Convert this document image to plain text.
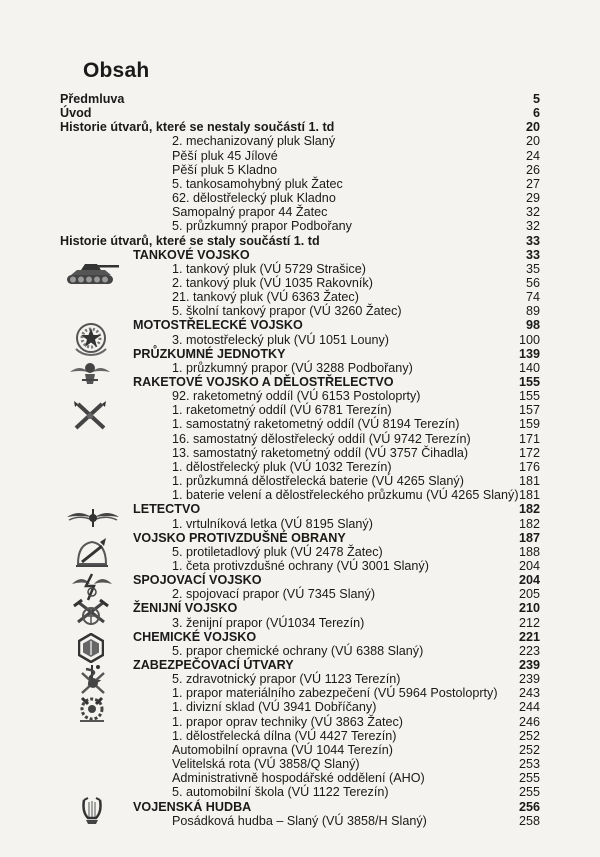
Obsah
Předmluva	5
Úvod	6
Historie útvarů, které se nestaly součástí 1. td	20
2. mechanizovaný pluk Slaný	20
Pěší pluk 45 Jílové	24
Pěší pluk 5 Kladno	26
5. tankosamohybný pluk Žatec	27
62. dělostřelecký pluk Kladno	29
Samopalný prapor 44 Žatec	32
5. průzkumný prapor Podbořany	32
Historie útvarů, které se staly součástí 1. td	33
TANKOVÉ VOJSKO	33
1. tankový pluk (VÚ 5729 Strašice)	35
2. tankový pluk (VÚ 1035 Rakovník)	56
21. tankový pluk (VÚ 6363 Žatec)	74
5. školní tankový prapor (VÚ 3260 Žatec)	89
MOTOSTŘELECKÉ VOJSKO	98
3. motostřelecký pluk (VÚ 1051 Louny)	100
PRŮZKUMNÉ JEDNOTKY	139
1. průzkumný prapor (VÚ 3288 Podbořany)	140
RAKETOVÉ VOJSKO A DĚLOSTŘELECTVO	155
92. raketometný oddíl (VÚ 6153 Postoloprty)	155
1. raketometný oddíl (VÚ 6781 Terezín)	157
1. samostatný raketometný oddíl (VÚ 8194 Terezín)	159
16. samostatný dělostřelecký oddíl (VÚ 9742 Terezín)	171
13. samostatný raketometný oddíl (VÚ 3757 Čihadla)	172
1. dělostřelecký pluk (VÚ 1032 Terezín)	176
1. průzkumná dělostřelecká baterie (VÚ 4265 Slaný)	181
1. baterie velení a dělostřeleckého průzkumu (VÚ 4265 Slaný) 181
LETECTVO	182
1. vrtulníková letka (VÚ 8195 Slaný)	182
VOJSKO PROTIVZDUŠNÉ OBRANY	187
5. protiletadlový pluk (VÚ 2478 Žatec)	188
1. četa protivzdušné ochrany (VÚ 3001 Slaný)	204
SPOJOVACÍ VOJSKO	204
2. spojovací prapor (VÚ 7345 Slaný)	205
ŽENIJNÍ VOJSKO	210
3. ženijní prapor (VÚ1034 Terezín)	212
CHEMICKÉ VOJSKO	221
5. prapor chemické ochrany (VÚ 6388 Slaný)	223
ZABEZPEČOVACÍ ÚTVARY	239
5. zdravotnický prapor (VÚ 1123 Terezín)	239
1. prapor materiálního zabezpečení (VÚ 5964 Postoloprty)	243
1. divizní sklad (VÚ 3941 Dobříčany)	244
1. prapor oprav techniky (VÚ 3863 Žatec)	246
1. dělostřelecká dílna (VÚ 4427 Terezín)	252
Automobilní opravna (VÚ 1044 Terezín)	252
Velitelská rota (VÚ 3858/Q Slaný)	253
Administrativně hospodářské oddělení (AHO)	255
5. automobilní škola (VÚ 1122 Terezín)	255
VOJENSKÁ HUDBA	256
Posádková hudba – Slaný (VÚ 3858/H Slaný)	258
